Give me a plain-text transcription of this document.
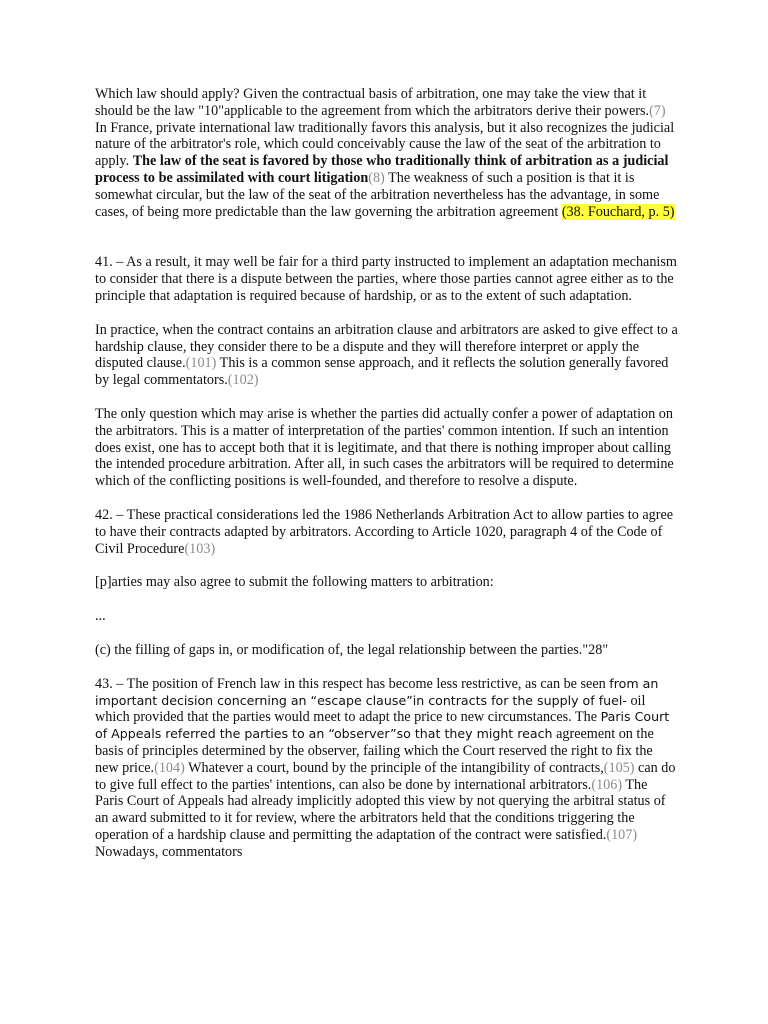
Which law should apply? Given the contractual basis of arbitration, one may take the view that it should be the law "10"applicable to the agreement from which the arbitrators derive their powers.(7) In France, private international law traditionally favors this analysis, but it also recognizes the judicial nature of the arbitrator's role, which could conceivably cause the law of the seat of the arbitration to apply. The law of the seat is favored by those who traditionally think of arbitration as a judicial process to be assimilated with court litigation(8) The weakness of such a position is that it is somewhat circular, but the law of the seat of the arbitration nevertheless has the advantage, in some cases, of being more predictable than the law governing the arbitration agreement (38. Fouchard, p. 5)

41. – As a result, it may well be fair for a third party instructed to implement an adaptation mechanism to consider that there is a dispute between the parties, where those parties cannot agree either as to the principle that adaptation is required because of hardship, or as to the extent of such adaptation.

In practice, when the contract contains an arbitration clause and arbitrators are asked to give effect to a hardship clause, they consider there to be a dispute and they will therefore interpret or apply the disputed clause.(101) This is a common sense approach, and it reflects the solution generally favored by legal commentators.(102)

The only question which may arise is whether the parties did actually confer a power of adaptation on the arbitrators. This is a matter of interpretation of the parties' common intention. If such an intention does exist, one has to accept both that it is legitimate, and that there is nothing improper about calling the intended procedure arbitration. After all, in such cases the arbitrators will be required to determine which of the conflicting positions is well-founded, and therefore to resolve a dispute.

42. – These practical considerations led the 1986 Netherlands Arbitration Act to allow parties to agree to have their contracts adapted by arbitrators. According to Article 1020, paragraph 4 of the Code of Civil Procedure(103)

[p]arties may also agree to submit the following matters to arbitration:

...

(c) the filling of gaps in, or modification of, the legal relationship between the parties."28"

43. – The position of French law in this respect has become less restrictive, as can be seen from an important decision concerning an “escape clause”in contracts for the supply of fuel- oil which provided that the parties would meet to adapt the price to new circumstances. The Paris Court of Appeals referred the parties to an “observer”so that they might reach agreement on the basis of principles determined by the observer, failing which the Court reserved the right to fix the new price.(104) Whatever a court, bound by the principle of the intangibility of contracts,(105) can do to give full effect to the parties' intentions, can also be done by international arbitrators.(106) The Paris Court of Appeals had already implicitly adopted this view by not querying the arbitral status of an award submitted to it for review, where the arbitrators held that the conditions triggering the operation of a hardship clause and permitting the adaptation of the contract were satisfied.(107) Nowadays, commentators
